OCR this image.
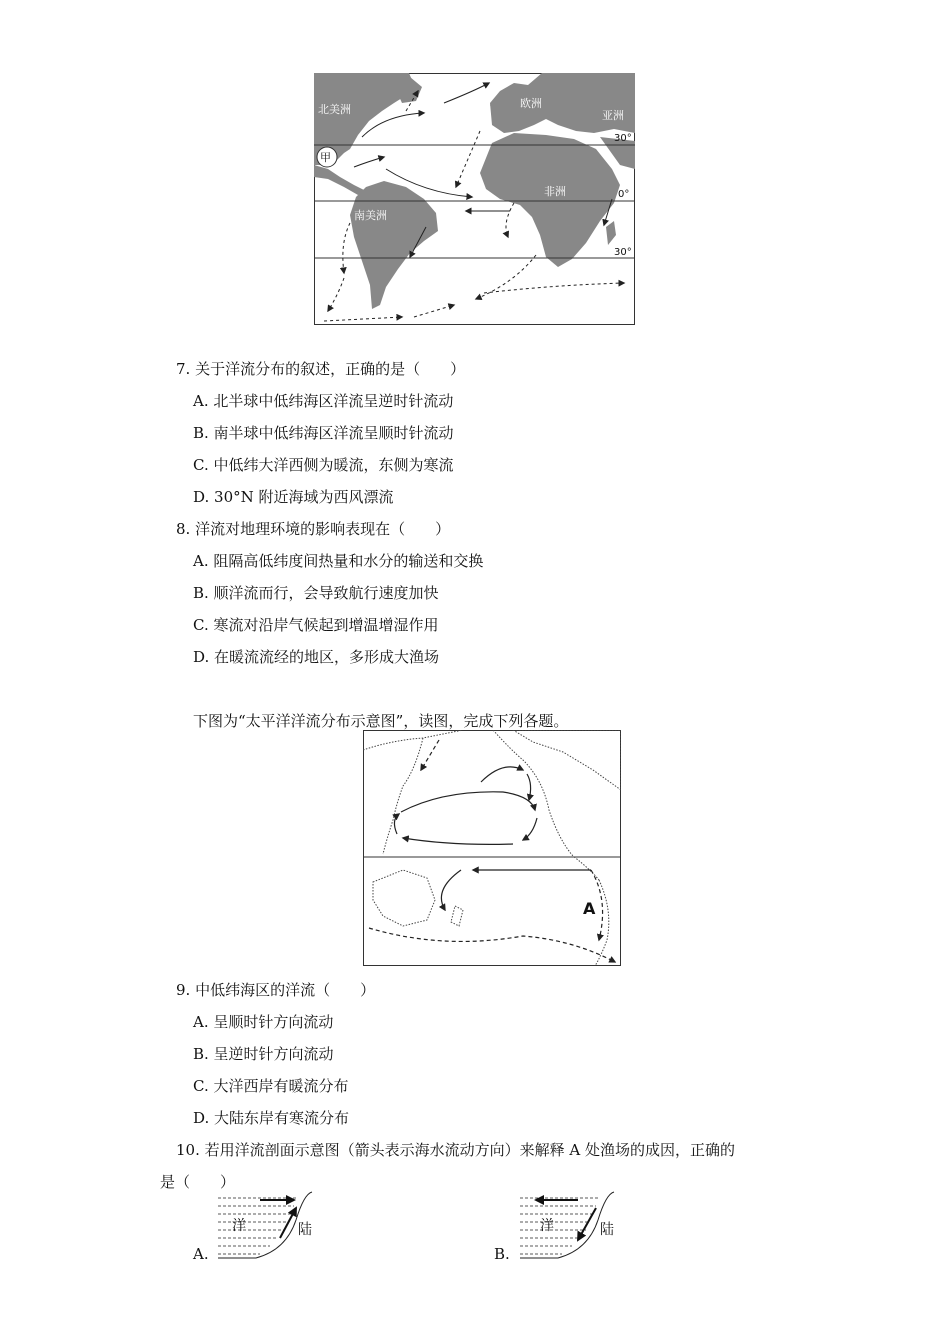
北美洲	欧洲
亚洲
非洲
南美洲
甲
30°
0°
30°
7. 关于洋流分布的叙述，正确的是（　　）
A. 北半球中低纬海区洋流呈逆时针流动
B. 南半球中低纬海区洋流呈顺时针流动
C. 中低纬大洋西侧为暖流，东侧为寒流
D. 30°N 附近海域为西风漂流
8. 洋流对地理环境的影响表现在（　　）
A. 阻隔高低纬度间热量和水分的输送和交换
B. 顺洋流而行，会导致航行速度加快
C. 寒流对沿岸气候起到增温增湿作用
D. 在暖流流经的地区，多形成大渔场
下图为“太平洋洋流分布示意图”，读图，完成下列各题。
A
9. 中低纬海区的洋流（　　）
A. 呈顺时针方向流动
B. 呈逆时针方向流动
C. 大洋西岸有暖流分布
D. 大陆东岸有寒流分布
10. 若用洋流剖面示意图（箭头表示海水流动方向）来解释 A 处渔场的成因，正确的
是（　　）
A.
洋	陆
B.
洋	陆
